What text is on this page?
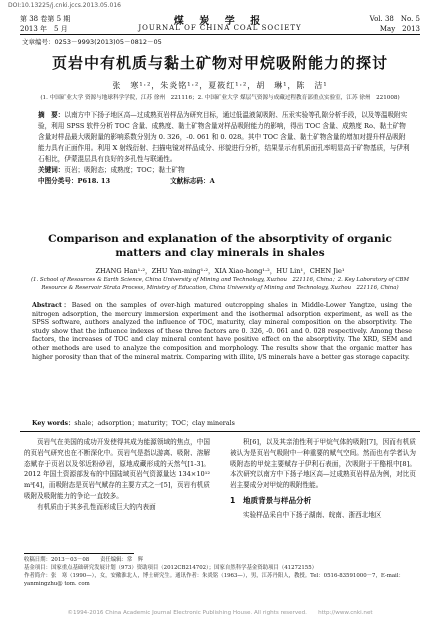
DOI:10.13225/j.cnki.jccs.2013.05.016
第 38 卷第 5 期
2013 年　5 月
煤 炭 学 报
JOURNAL OF CHINA COAL SOCIETY
Vol. 38　No. 5
May　2013
文章编号：0253－9993(2013)05－0812－05
页岩中有机质与黏土矿物对甲烷吸附能力的探讨
张　寒¹·²，朱炎铭¹·²，夏筱红¹·²，胡　琳¹，陈　洁¹
(1. 中国矿业大学 资源与地球科学学院，江苏 徐州　221116；2. 中国矿业大学 煤层气资源与成藏过程教育部重点实验室，江苏 徐州　221008)
摘　要：以南方中下扬子地区高—过成熟页岩样品为研究目标，通过低温液氮吸附、压汞实验等孔隙分析手段，以及等温吸附实验，利用 SPSS 软件分析 TOC 含量、成熟度、黏土矿物含量对样品吸附能力的影响，得出 TOC 含量、成熟度 Ro、黏土矿物含量对样品最大吸附量的影响系数分别为 0. 326，-0. 061 和 0. 028。其中 TOC 含量、黏土矿物含量的增加对提升样品吸附能力具有正面作用。利用 X 射线衍射、扫描电镜对样品成分、形貌进行分析，结果显示有机质面孔率明显高于矿物基质，与伊利石相比，伊蒙混层具有良好的多孔性与联通性。
关键词：页岩；吸附态；成熟度；TOC；黏土矿物
中图分类号：P618. 13	文献标志码：A
Comparison and explanation of the absorptivity of organic
matters and clay minerals in shales
ZHANG Han¹·²，ZHU Yan-ming¹·²，XIA Xiao-hong¹·²，HU Lin¹，CHEN Jie¹
(1. School of Resources & Earth Science, China University of Mining and Technology, Xuzhou　221116, China；2. Key Laboratory of CBM Resource & Reservoir Strata Process, Ministry of Education, China University of Mining and Technology, Xuzhou　221116, China)
Abstract：Based on the samples of over-high matured outcropping shales in Middle-Lower Yangtze, using the nitrogen adsorption, the mercury immersion experiment and the isothermal adsorption experiment, as well as the SPSS software, authors analyzed the influence of TOC, maturity, clay mineral composition on the absorptivity. The study show that the influence indexes of these three factors are 0. 326, -0. 061 and 0. 028 respectively. Among these factors, the increases of TOC and clay mineral content have positive effect on the absorptivity. The XRD, SEM and other methods are used to analyze the composition and morphology. The results show that the organic matter has higher porosity than that of the mineral matrix. Comparing with illite, I/S minerals have a better gas storage capacity.
Key words：shale；adsorption；maturity；TOC；clay minerals

页岩气在美国的成功开发使得其成为能源领域的焦点，中国的页岩气研究也在不断深化中。页岩气是指以游离、吸附、溶解态赋存于页岩以及邻近粉砂岩，原地成藏形成的天然气[1-3]。2012 年国土资源部发布的中国陆域页岩气资源量达 134×10¹² m³[4]，而吸附态是页岩气赋存的主要方式之一[5]，页岩有机质吸附及吸附能力的争论一直较多。

有机质由于其多孔性而形成巨大的内表面

积[6]，以及其亲油性利于甲烷气体的吸附[7]，因而有机质被认为是页岩气吸附中一种重要的赋气空间。然而也有学者认为吸附态的甲烷主要赋存于伊利石表面，次吸附于干酪根中[8]。本次研究以南方中下扬子地区高—过成熟页岩样品为例，对比页岩主要成分对甲烷的吸附性能。

1　地质背景与样品分析

实验样品采自中下扬子湖南、皖南、浙西北地区

收稿日期：2013－03－08　　责任编辑：常　辉
基金项目：国家重点基础研究发展计划（973）资助项目（2012CB214702）；国家自然科学基金资助项目（41272155）
作者简介：张　寒（1990—），女，安徽淮北人，博士研究生。通讯作者：朱炎铭（1963—），男，江苏丹阳人，教授。Tel：0516-83591000－7，E-mail：yanmingzhu@ tom. com
©1994-2016 China Academic Journal Electronic Publishing House. All rights reserved.　　http://www.cnki.net
